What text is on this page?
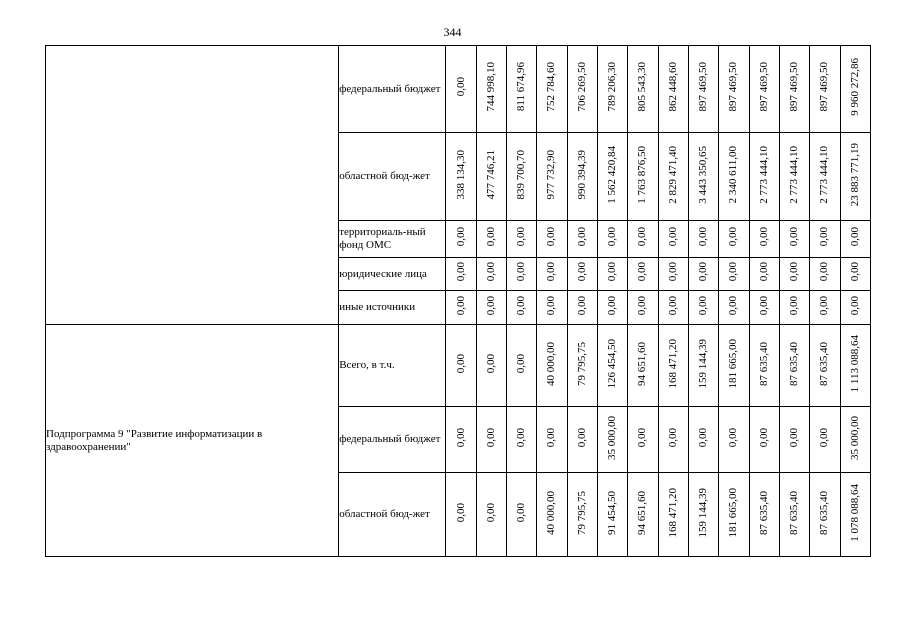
344
	федеральный бюджет	0,00	744 998,10	811 674,96	752 784,60	706 269,50	789 206,30	805 543,30	862 448,60	897 469,50	897 469,50	897 469,50	897 469,50	897 469,50	9 960 272,86
	областной бюд-жет	338 134,30	477 746,21	839 700,70	977 732,90	990 394,39	1 562 420,84	1 763 876,50	2 829 471,40	3 443 350,65	2 340 611,00	2 773 444,10	2 773 444,10	2 773 444,10	23 883 771,19
	территориаль-ный фонд ОМС	0,00	0,00	0,00	0,00	0,00	0,00	0,00	0,00	0,00	0,00	0,00	0,00	0,00	0,00
	юридические лица	0,00	0,00	0,00	0,00	0,00	0,00	0,00	0,00	0,00	0,00	0,00	0,00	0,00	0,00
	иные источники	0,00	0,00	0,00	0,00	0,00	0,00	0,00	0,00	0,00	0,00	0,00	0,00	0,00	0,00
Подпрограмма 9 "Развитие информатизации в здравоохранении"	Всего, в т.ч.	0,00	0,00	0,00	40 000,00	79 795,75	126 454,50	94 651,60	168 471,20	159 144,39	181 665,00	87 635,40	87 635,40	87 635,40	1 113 088,64
	федеральный бюджет	0,00	0,00	0,00	0,00	0,00	35 000,00	0,00	0,00	0,00	0,00	0,00	0,00	0,00	35 000,00
	областной бюд-жет	0,00	0,00	0,00	40 000,00	79 795,75	91 454,50	94 651,60	168 471,20	159 144,39	181 665,00	87 635,40	87 635,40	87 635,40	1 078 088,64
